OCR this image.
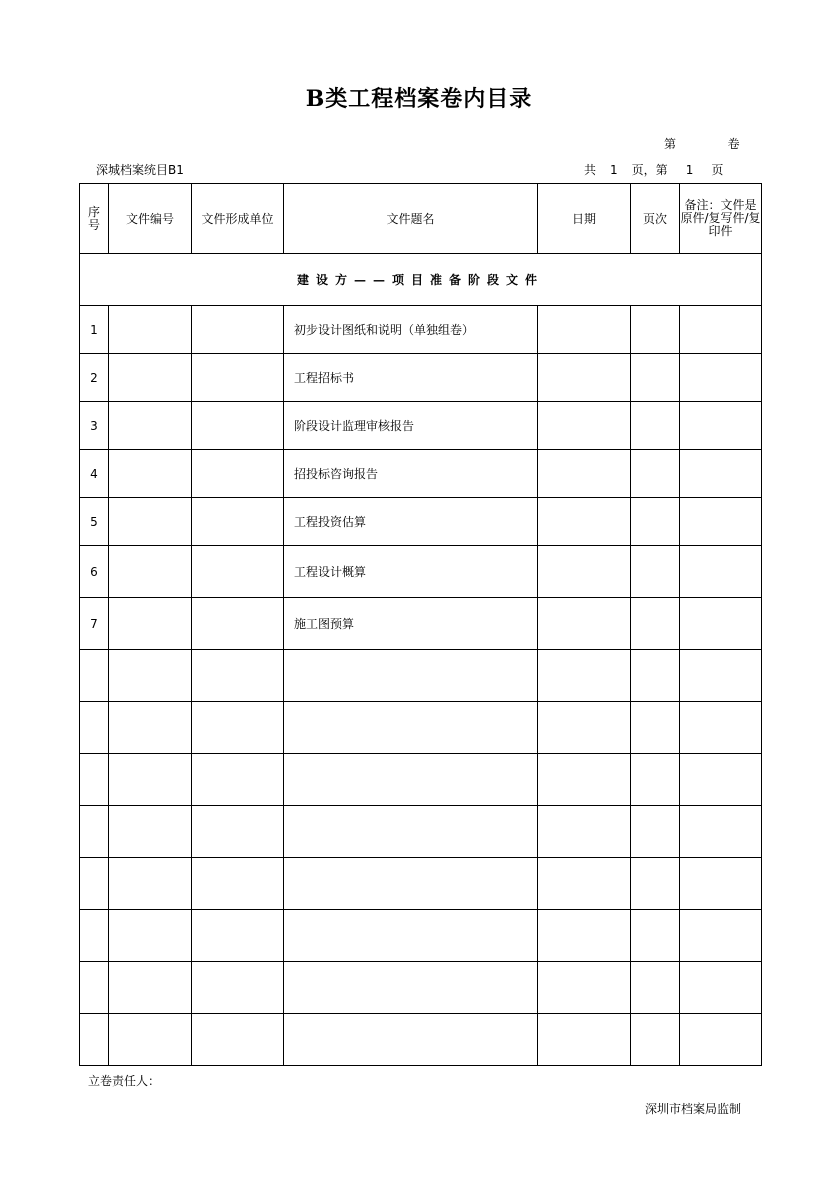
B类工程档案卷内目录
第	卷
深城档案统目B1	共 1 页，第 1 页
序
号	文件编号	文件形成单位	文件题名	日期	页次	备注：文件是原件/复写件/复印件
建设方——项目准备阶段文件						
1			初步设计图纸和说明（单独组卷）			
2			工程招标书			
3			阶段设计监理审核报告			
4			招投标咨询报告			
5			工程投资估算			
6			工程设计概算			
7			施工图预算			

立卷责任人：
深圳市档案局监制
